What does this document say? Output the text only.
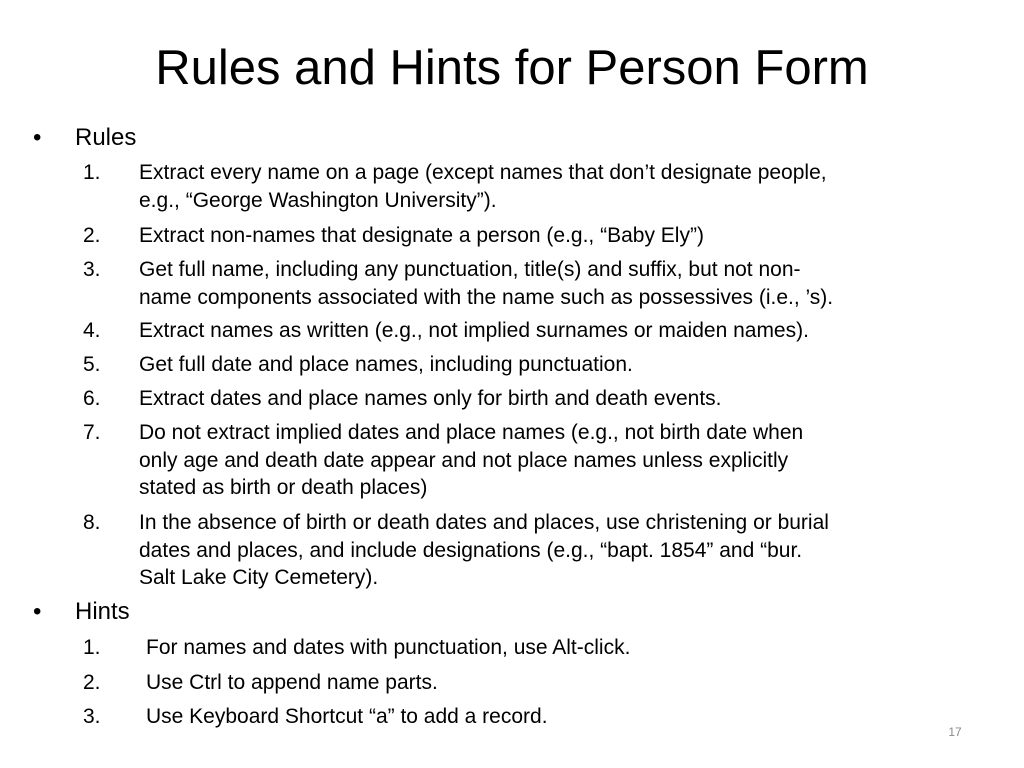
Rules and Hints for Person Form
• Rules
1. Extract every name on a page (except names that don’t designate people,
e.g., “George Washington University”).
2. Extract non-names that designate a person (e.g., “Baby Ely”)
3. Get full name, including any punctuation, title(s) and suffix, but not non-
name components associated with the name such as possessives (i.e., ’s).
4. Extract names as written (e.g., not implied surnames or maiden names).
5. Get full date and place names, including punctuation.
6. Extract dates and place names only for birth and death events.
7. Do not extract implied dates and place names (e.g., not birth date when
only age and death date appear and not place names unless explicitly
stated as birth or death places)
8. In the absence of birth or death dates and places, use christening or burial
dates and places, and include designations (e.g., “bapt. 1854” and “bur.
Salt Lake City Cemetery).
• Hints
1. For names and dates with punctuation, use Alt-click.
2. Use Ctrl to append name parts.
3. Use Keyboard Shortcut “a” to add a record.
17
